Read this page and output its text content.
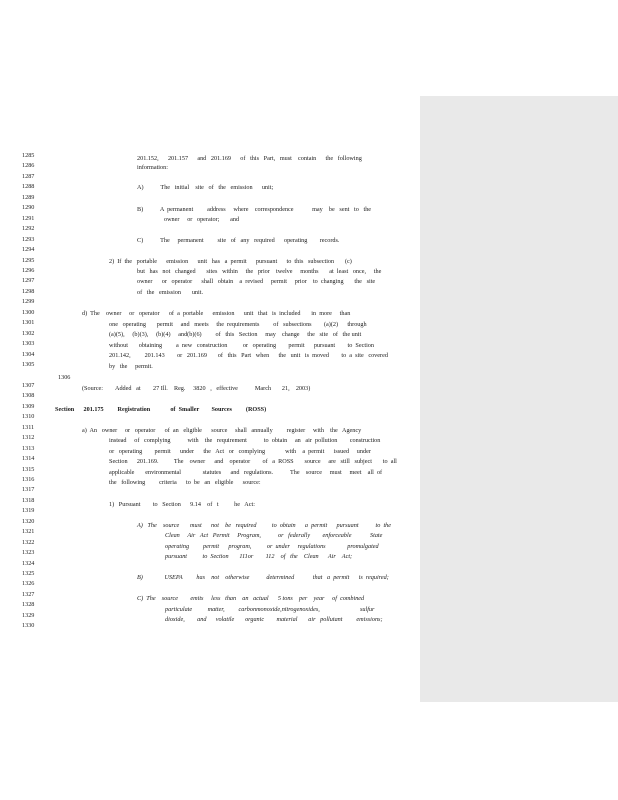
1285
1286
1287
1288
1289
1290
1291
1292
1293
1294
1295
1296
1297
1298
1299
1300
1301
1302
1303
1304
1305
1307
1308
1309
1310
1311
1312
1313
1314
1315
1316
1317
1318
1319
1320
1321
1322
1323
1324
1325
1326
1327
1328
1329
1330
201.152,      201.157      and   201.169      of   this   Part,   must    contain      the   following
information:
A)           The   initial    site   of   the   emission      unit;
B)           A  permanent         address     where    correspondence            may    be   sent   to   the
owner     or   operator;       and
C)           The     permanent         site   of   any   required      operating        records.
2)  If  the   portable      emission      unit   has   a  permit      pursuant      to  this   subsection       (c)
but   has   not   changed       sites   within     the   prior    twelve     months       at  least   once,     the
owner      or   operator      shall   obtain    a  revised     permit     prior    to  changing       the   site
of   the   emission       unit.
d)  The    owner     or   operator      of  a  portable      emission      unit   that   is  included       in  more     than
one   operating       permit     and   meets     the  requirements         of   subsections        (a)(2)      through
(a)(5),     (b)(3),     (b)(4)     and(b)(6)         of   this   Section     may    change     the   site   of   the unit
without       obtaining         a  new   construction          or   operating        permit      pursuant        to  Section
201.142,         201.143        or   201.169       of   this   Part   when      the   unit   is  moved        to  a  site   covered
by   the     permit.
1306
(Source:        Added   at        27 Ill.    Reg.     3820   ,   effective           March       21,    2003)
Section      201.175         Registration             of  Smaller        Sources         (ROSS)
a)  An   owner     or   operator      of  an   eligible      source     shall   annually         register     with    the   Agency
instead     of   complying           with    the   requirement           to  obtain     an   air  pollution        construction
or   operating        permit      under      the   Act   or   complying             with    a  permit      issued     under
Section      201.169.          The    owner      and    operator        of   a  ROSS       source     are   still   subject       to  all
applicable       environmental              statutes      and   regulations.           The    source     must     meet    all  of
the   following         criteria      to  be   an   eligible      source:
1)   Pursuant        to   Section      9.14    of   t          he   Act:
A)   The    source       must      not    be   required          to  obtain      a  permit      pursuant           to  the
Clean     Air   Act   Permit     Program,           or   federally        enforceable            State
operating         permit      program,          or  under     regulations              promulgated
pursuant          to  Section       111or        112    of   the    Clean      Air    Act;
B)              USEPA         has    not    otherwise           determined            that   a  permit      is  required;
C)  The    source        emits     less   than    an   actual      5 tons    per    year     of  combined
particulate          matter,         carbonmonoxide,nitrogenoxides,                          sulfur
dioxide,        and      volatile       organic        material       air   pollutant         emissions;
